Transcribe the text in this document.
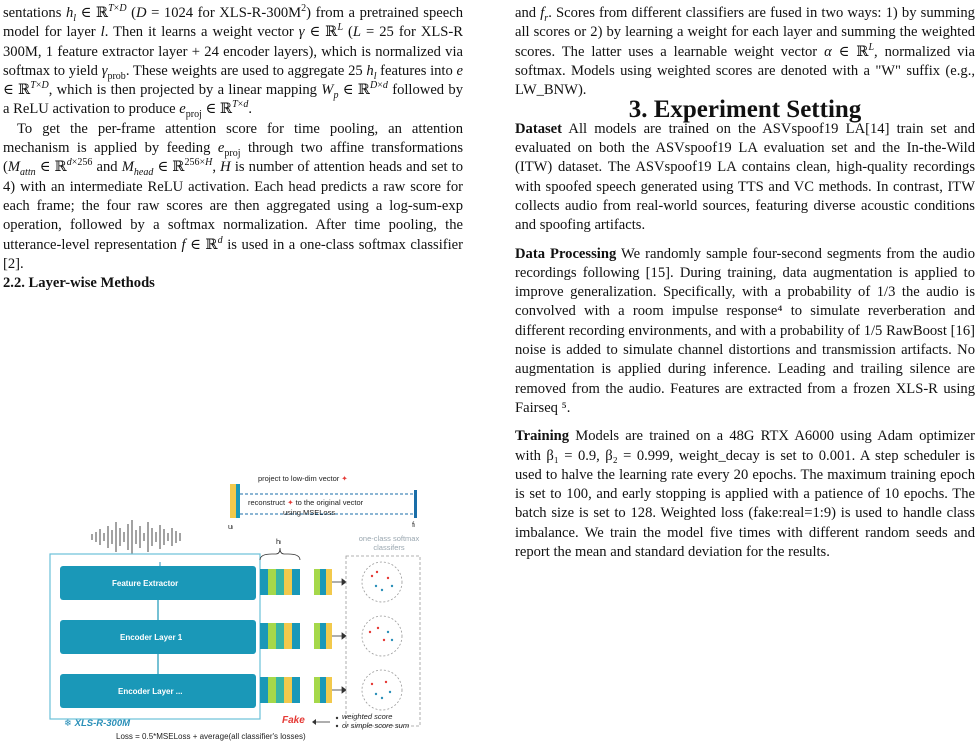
sentations $h_l$ ∈ ℝ$^{T\times D}$ (D = 1024 for XLS-$R-300M^2$) from a pretrained speech model for layer l. Then it learns a weight vector γ ∈ ℝ$^L$ (L = 25 for XLS-R 300M, 1 feature extractor layer + 24 encoder layers), which is normalized via softmax to yield $\gamma_{prob}$. These weights are used to aggregate 25 $h_l$ features into e ∈ ℝ$^{T\times D}$, which is then projected by a linear mapping $W_p$ ∈ ℝ$^{D\times d}$ followed by a ReLU activation to produce $e_{proj}$ ∈ ℝ$^{T\times d}$.

To get the per-frame attention score for time pooling, an attention mechanism is applied by feeding $e_{proj}$ through two affine transformations ($M_{attn}$ ∈ ℝ$^{d\times 256}$ and $M_{head}$ ∈ ℝ$^{256\times H}$, H is number of attention heads and set to 4) with an intermediate ReLU activation. Each head predicts a raw score for each frame; the four raw scores are then aggregated using a log-sum-exp operation, followed by a softmax normalization. After time pooling, the utterance-level representation f ∈ ℝ$^d$ is used in a one-class softmax classifier [2].

2.2. Layer-wise Methods

Feature Extractor
Encoder Layer 1
Encoder Layer ...
❄ XLS-R-300M
project to low-dim vector ✦
reconstruct ✦ to the original vector
using MSELoss
uₗ	fₗ
hₗ	one-class softmax classifers
Fake	weighted score
or simple score sum
Loss = 0.5*MSELoss + average(all classifier's losses)

and $f_r$. Scores from different classifiers are fused in two ways: 1) by summing all scores or 2) by learning a weight for each layer and summing the weighted scores. The latter uses a learnable weight vector α ∈ ℝ$^L$, normalized via softmax. Models using weighted scores are denoted with a "W" suffix (e.g., LW_BNW).

3. Experiment Setting

Dataset All models are trained on the ASVspoof19 LA[14] train set and evaluated on both the ASVspoof19 LA evaluation set and the In-the-Wild (ITW) dataset. The ASVspoof19 LA contains clean, high-quality recordings with spoofed speech generated using TTS and VC methods. In contrast, ITW collects audio from real-world sources, featuring diverse acoustic conditions and spoofing artifacts.

Data Processing We randomly sample four-second segments from the audio recordings following [15]. During training, data augmentation is applied to improve generalization. Specifically, with a probability of 1/3 the audio is convolved with a room impulse response⁴ to simulate reverberation and different recording environments, and with a probability of 1/5 RawBoost [16] noise is added to simulate channel distortions and transmission artifacts. No augmentation is applied during inference. Leading and trailing silence are removed from the audio. Features are extracted from a frozen XLS-R using Fairseq ⁵.

Training Models are trained on a 48G RTX A6000 using Adam optimizer with β₁ = 0.9, β₂ = 0.999, weight_decay is set to 0.001. A step scheduler is used to halve the learning rate every 20 epochs. The maximum training epoch is set to 100, and early stopping is applied with a patience of 10 epochs. The batch size is set to 128. Weighted loss (fake:real=1:9) is used to handle class imbalance. We train the model five times with different random seeds and report the mean and standard deviation for the results.
